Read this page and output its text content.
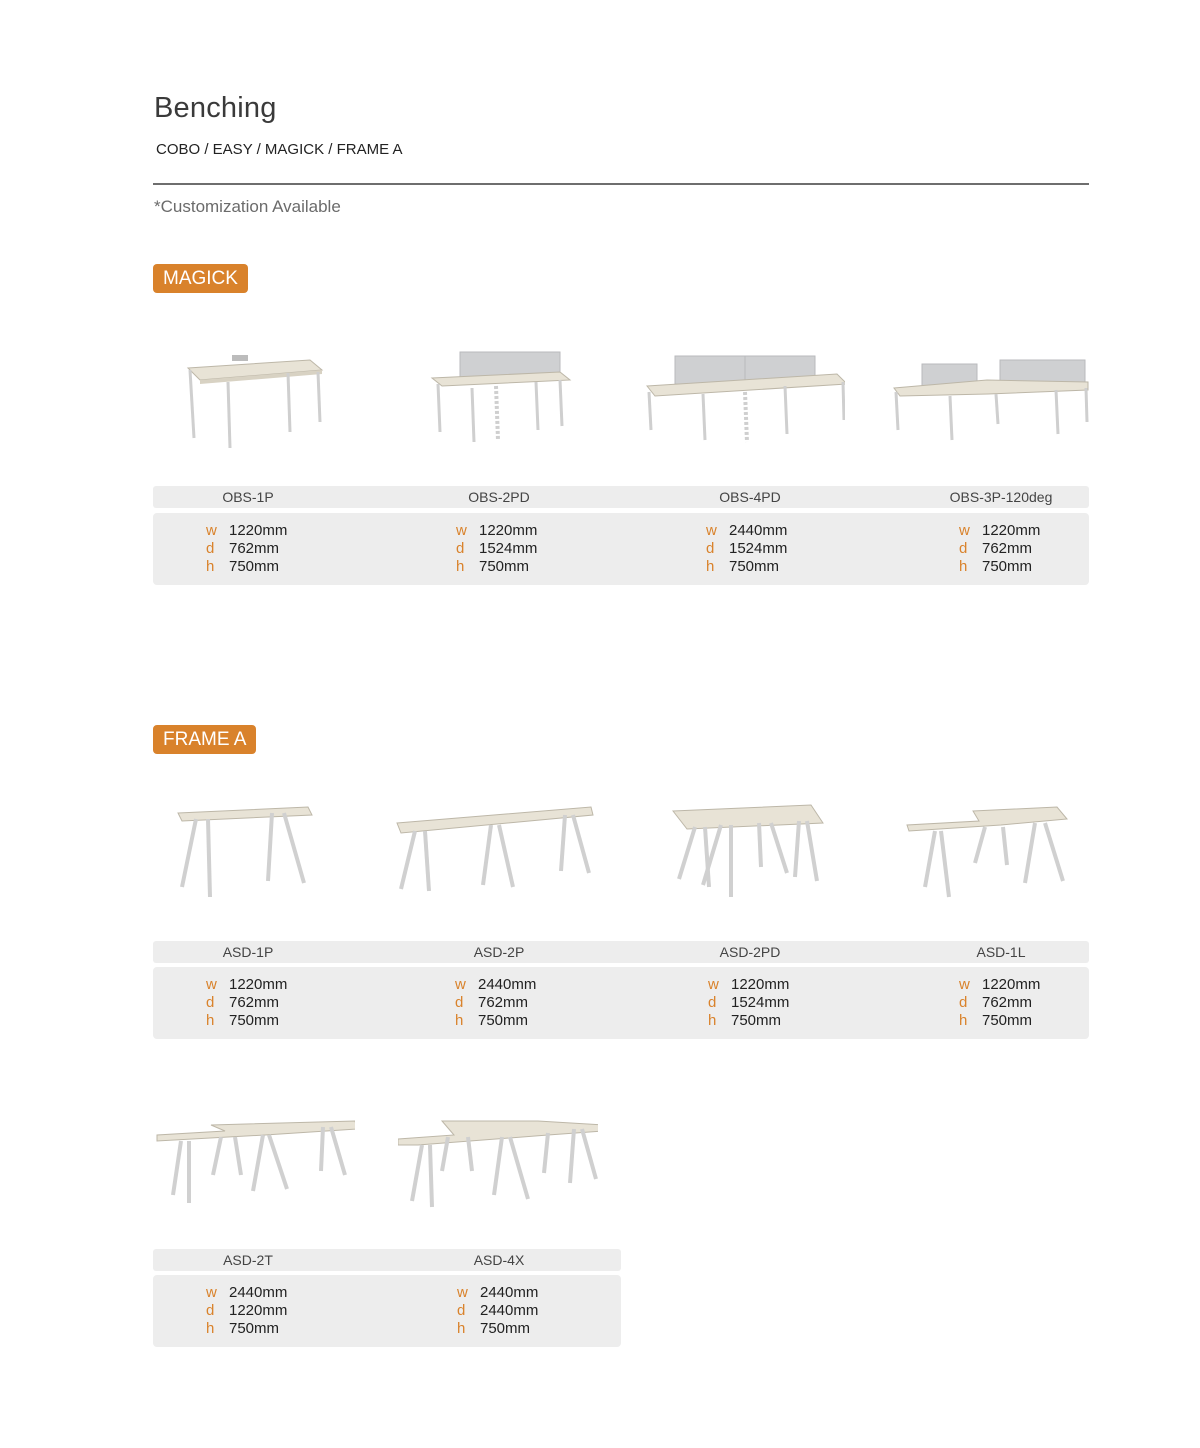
Benching
COBO / EASY / MAGICK / FRAME A
*Customization Available
MAGICK
OBS-1P	OBS-2PD	OBS-4PD	OBS-3P-120deg
w 1220mm
d 762mm
h 750mm
w 1220mm
d 1524mm
h 750mm
w 2440mm
d 1524mm
h 750mm
w 1220mm
d 762mm
h 750mm
FRAME A
ASD-1P	ASD-2P	ASD-2PD	ASD-1L
w 1220mm
d 762mm
h 750mm
w 2440mm
d 762mm
h 750mm
w 1220mm
d 1524mm
h 750mm
w 1220mm
d 762mm
h 750mm
ASD-2T	ASD-4X
w 2440mm
d 1220mm
h 750mm
w 2440mm
d 2440mm
h 750mm
